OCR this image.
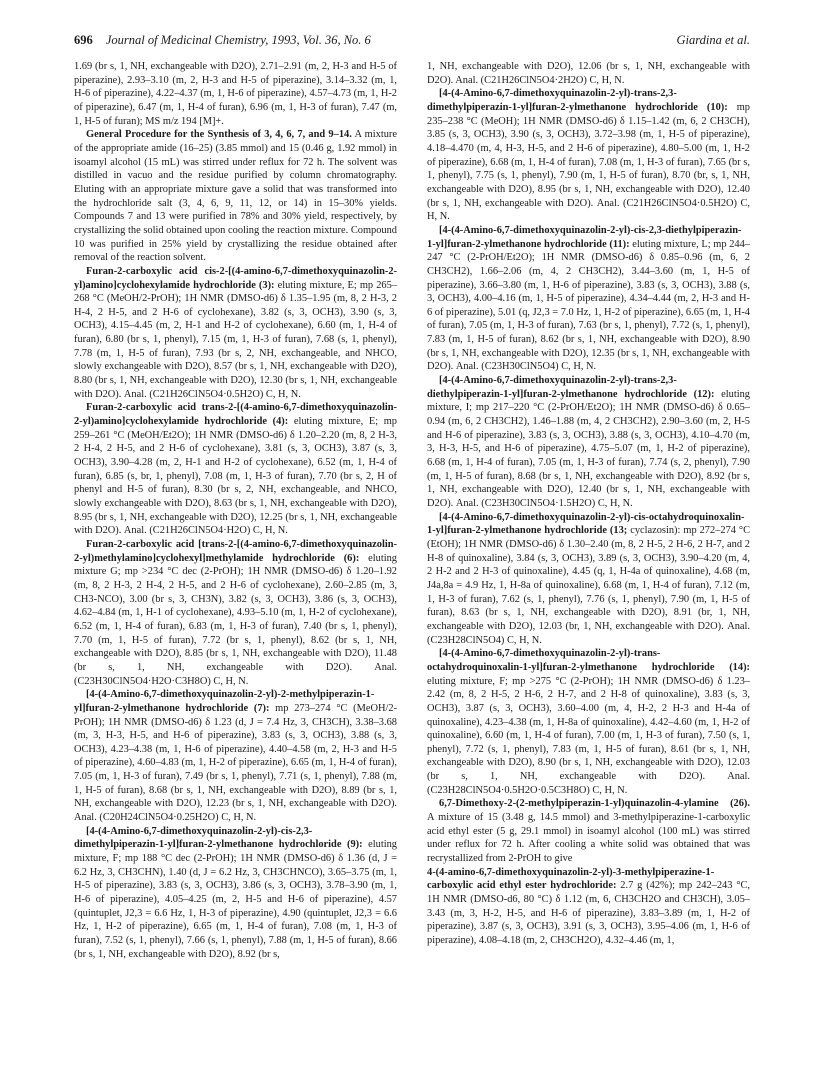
696 Journal of Medicinal Chemistry, 1993, Vol. 36, No. 6	Giardina et al.

1.69 (br s, 1, NH, exchangeable with D2O), 2.71–2.91 (m, 2, H-3 and H-5 of piperazine), 2.93–3.10 (m, 2, H-3 and H-5 of piperazine), 3.14–3.32 (m, 1, H-6 of piperazine), 4.22–4.37 (m, 1, H-6 of piperazine), 4.57–4.73 (m, 1, H-2 of piperazine), 6.47 (m, 1, H-4 of furan), 6.96 (m, 1, H-3 of furan), 7.47 (m, 1, H-5 of furan); MS m/z 194 [M]+.

General Procedure for the Synthesis of 3, 4, 6, 7, and 9–14. A mixture of the appropriate amide (16–25) (3.85 mmol) and 15 (0.46 g, 1.92 mmol) in isoamyl alcohol (15 mL) was stirred under reflux for 72 h. The solvent was distilled in vacuo and the residue purified by column chromatography. Eluting with an appropriate mixture gave a solid that was transformed into the hydrochloride salt (3, 4, 6, 9, 11, 12, or 14) in 15–30% yields. Compounds 7 and 13 were purified in 78% and 30% yield, respectively, by crystallizing the solid obtained upon cooling the reaction mixture. Compound 10 was purified in 25% yield by crystallizing the residue obtained after removal of the reaction solvent.

Furan-2-carboxylic acid cis-2-[(4-amino-6,7-dimethoxyquinazolin-2-yl)amino]cyclohexylamide hydrochloride (3): eluting mixture, E; mp 265–268 °C (MeOH/2-PrOH); 1H NMR (DMSO-d6) δ 1.35–1.95 (m, 8, 2 H-3, 2 H-4, 2 H-5, and 2 H-6 of cyclohexane), 3.82 (s, 3, OCH3), 3.90 (s, 3, OCH3), 4.15–4.45 (m, 2, H-1 and H-2 of cyclohexane), 6.60 (m, 1, H-4 of furan), 6.80 (br s, 1, phenyl), 7.15 (m, 1, H-3 of furan), 7.68 (s, 1, phenyl), 7.78 (m, 1, H-5 of furan), 7.93 (br s, 2, NH, exchangeable, and NHCO, slowly exchangeable with D2O), 8.57 (br s, 1, NH, exchangeable with D2O), 8.80 (br s, 1, NH, exchangeable with D2O), 12.30 (br s, 1, NH, exchangeable with D2O). Anal. (C21H26ClN5O4·0.5H2O) C, H, N.

Furan-2-carboxylic acid trans-2-[(4-amino-6,7-dimethoxyquinazolin-2-yl)amino]cyclohexylamide hydrochloride (4): eluting mixture, E; mp 259–261 °C (MeOH/Et2O); 1H NMR (DMSO-d6) δ 1.20–2.20 (m, 8, 2 H-3, 2 H-4, 2 H-5, and 2 H-6 of cyclohexane), 3.81 (s, 3, OCH3), 3.87 (s, 3, OCH3), 3.90–4.28 (m, 2, H-1 and H-2 of cyclohexane), 6.52 (m, 1, H-4 of furan), 6.85 (s, br, 1, phenyl), 7.08 (m, 1, H-3 of furan), 7.70 (br s, 2, H of phenyl and H-5 of furan), 8.30 (br s, 2, NH, exchangeable, and NHCO, slowly exchangeable with D2O), 8.63 (br s, 1, NH, exchangeable with D2O), 8.95 (br s, 1, NH, exchangeable with D2O), 12.25 (br s, 1, NH, exchangeable with D2O). Anal. (C21H26ClN5O4·H2O) C, H, N.

Furan-2-carboxylic acid [trans-2-[(4-amino-6,7-dimethoxyquinazolin-2-yl)methylamino]cyclohexyl]methylamide hydrochloride (6): eluting mixture G; mp >234 °C dec (2-PrOH); 1H NMR (DMSO-d6) δ 1.20–1.92 (m, 8, 2 H-3, 2 H-4, 2 H-5, and 2 H-6 of cyclohexane), 2.60–2.85 (m, 3, CH3-NCO), 3.00 (br s, 3, CH3N), 3.82 (s, 3, OCH3), 3.86 (s, 3, OCH3), 4.62–4.84 (m, 1, H-1 of cyclohexane), 4.93–5.10 (m, 1, H-2 of cyclohexane), 6.52 (m, 1, H-4 of furan), 6.83 (m, 1, H-3 of furan), 7.40 (br s, 1, phenyl), 7.70 (m, 1, H-5 of furan), 7.72 (br s, 1, phenyl), 8.62 (br s, 1, NH, exchangeable with D2O), 8.85 (br s, 1, NH, exchangeable with D2O), 11.48 (br s, 1, NH, exchangeable with D2O). Anal. (C23H30ClN5O4·H2O·C3H8O) C, H, N.

[4-(4-Amino-6,7-dimethoxyquinazolin-2-yl)-2-methylpiperazin-1-yl]furan-2-ylmethanone hydrochloride (7): mp 273–274 °C (MeOH/2-PrOH); 1H NMR (DMSO-d6) δ 1.23 (d, J = 7.4 Hz, 3, CH3CH), 3.38–3.68 (m, 3, H-3, H-5, and H-6 of piperazine), 3.83 (s, 3, OCH3), 3.88 (s, 3, OCH3), 4.23–4.38 (m, 1, H-6 of piperazine), 4.40–4.58 (m, 2, H-3 and H-5 of piperazine), 4.60–4.83 (m, 1, H-2 of piperazine), 6.65 (m, 1, H-4 of furan), 7.05 (m, 1, H-3 of furan), 7.49 (br s, 1, phenyl), 7.71 (s, 1, phenyl), 7.88 (m, 1, H-5 of furan), 8.68 (br s, 1, NH, exchangeable with D2O), 8.89 (br s, 1, NH, exchangeable with D2O), 12.23 (br s, 1, NH, exchangeable with D2O). Anal. (C20H24ClN5O4·0.25H2O) C, H, N.

[4-(4-Amino-6,7-dimethoxyquinazolin-2-yl)-cis-2,3-dimethylpiperazin-1-yl]furan-2-ylmethanone hydrochloride (9): eluting mixture, F; mp 188 °C dec (2-PrOH); 1H NMR (DMSO-d6) δ 1.36 (d, J = 6.2 Hz, 3, CH3CHN), 1.40 (d, J = 6.2 Hz, 3, CH3CHNCO), 3.65–3.75 (m, 1, H-5 of piperazine), 3.83 (s, 3, OCH3), 3.86 (s, 3, OCH3), 3.78–3.90 (m, 1, H-6 of piperazine), 4.05–4.25 (m, 2, H-5 and H-6 of piperazine), 4.57 (quintuplet, J2,3 = 6.6 Hz, 1, H-3 of piperazine), 4.90 (quintuplet, J2,3 = 6.6 Hz, 1, H-2 of piperazine), 6.65 (m, 1, H-4 of furan), 7.08 (m, 1, H-3 of furan), 7.52 (s, 1, phenyl), 7.66 (s, 1, phenyl), 7.88 (m, 1, H-5 of furan), 8.66 (br s, 1, NH, exchangeable with D2O), 8.92 (br s,

1, NH, exchangeable with D2O), 12.06 (br s, 1, NH, exchangeable with D2O). Anal. (C21H26ClN5O4·2H2O) C, H, N.

[4-(4-Amino-6,7-dimethoxyquinazolin-2-yl)-trans-2,3-dimethylpiperazin-1-yl]furan-2-ylmethanone hydrochloride (10): mp 235–238 °C (MeOH); 1H NMR (DMSO-d6) δ 1.15–1.42 (m, 6, 2 CH3CH), 3.85 (s, 3, OCH3), 3.90 (s, 3, OCH3), 3.72–3.98 (m, 1, H-5 of piperazine), 4.18–4.470 (m, 4, H-3, H-5, and 2 H-6 of piperazine), 4.80–5.00 (m, 1, H-2 of piperazine), 6.68 (m, 1, H-4 of furan), 7.08 (m, 1, H-3 of furan), 7.65 (br s, 1, phenyl), 7.75 (s, 1, phenyl), 7.90 (m, 1, H-5 of furan), 8.70 (br, s, 1, NH, exchangeable with D2O), 8.95 (br s, 1, NH, exchangeable with D2O), 12.40 (br s, 1, NH, exchangeable with D2O). Anal. (C21H26ClN5O4·0.5H2O) C, H, N.

[4-(4-Amino-6,7-dimethoxyquinazolin-2-yl)-cis-2,3-diethylpiperazin-1-yl]furan-2-ylmethanone hydrochloride (11): eluting mixture, L; mp 244–247 °C (2-PrOH/Et2O); 1H NMR (DMSO-d6) δ 0.85–0.96 (m, 6, 2 CH3CH2), 1.66–2.06 (m, 4, 2 CH3CH2), 3.44–3.60 (m, 1, H-5 of piperazine), 3.66–3.80 (m, 1, H-6 of piperazine), 3.83 (s, 3, OCH3), 3.88 (s, 3, OCH3), 4.00–4.16 (m, 1, H-5 of piperazine), 4.34–4.44 (m, 2, H-3 and H-6 of piperazine), 5.01 (q, J2,3 = 7.0 Hz, 1, H-2 of piperazine), 6.65 (m, 1, H-4 of furan), 7.05 (m, 1, H-3 of furan), 7.63 (br s, 1, phenyl), 7.72 (s, 1, phenyl), 7.83 (m, 1, H-5 of furan), 8.62 (br s, 1, NH, exchangeable with D2O), 8.90 (br s, 1, NH, exchangeable with D2O), 12.35 (br s, 1, NH, exchangeable with D2O). Anal. (C23H30ClN5O4) C, H, N.

[4-(4-Amino-6,7-dimethoxyquinazolin-2-yl)-trans-2,3-diethylpiperazin-1-yl]furan-2-ylmethanone hydrochloride (12): eluting mixture, I; mp 217–220 °C (2-PrOH/Et2O); 1H NMR (DMSO-d6) δ 0.65–0.94 (m, 6, 2 CH3CH2), 1.46–1.88 (m, 4, 2 CH3CH2), 2.90–3.60 (m, 2, H-5 and H-6 of piperazine), 3.83 (s, 3, OCH3), 3.88 (s, 3, OCH3), 4.10–4.70 (m, 3, H-3, H-5, and H-6 of piperazine), 4.75–5.07 (m, 1, H-2 of piperazine), 6.68 (m, 1, H-4 of furan), 7.05 (m, 1, H-3 of furan), 7.74 (s, 2, phenyl), 7.90 (m, 1, H-5 of furan), 8.68 (br s, 1, NH, exchangeable with D2O), 8.92 (br s, 1, NH, exchangeable with D2O), 12.40 (br s, 1, NH, exchangeable with D2O). Anal. (C23H30ClN5O4·1.5H2O) C, H, N.

[4-(4-Amino-6,7-dimethoxyquinazolin-2-yl)-cis-octahydroquinoxalin-1-yl]furan-2-ylmethanone hydrochloride (13; cyclazosin): mp 272–274 °C (EtOH); 1H NMR (DMSO-d6) δ 1.30–2.40 (m, 8, 2 H-5, 2 H-6, 2 H-7, and 2 H-8 of quinoxaline), 3.84 (s, 3, OCH3), 3.89 (s, 3, OCH3), 3.90–4.20 (m, 4, 2 H-2 and 2 H-3 of quinoxaline), 4.45 (q, 1, H-4a of quinoxaline), 4.68 (m, J4a,8a = 4.9 Hz, 1, H-8a of quinoxaline), 6.68 (m, 1, H-4 of furan), 7.12 (m, 1, H-3 of furan), 7.62 (s, 1, phenyl), 7.76 (s, 1, phenyl), 7.90 (m, 1, H-5 of furan), 8.63 (br s, 1, NH, exchangeable with D2O), 8.91 (br, 1, NH, exchangeable with D2O), 12.03 (br, 1, NH, exchangeable with D2O). Anal. (C23H28ClN5O4) C, H, N.

[4-(4-Amino-6,7-dimethoxyquinazolin-2-yl)-trans-octahydroquinoxalin-1-yl]furan-2-ylmethanone hydrochloride (14): eluting mixture, F; mp >275 °C (2-PrOH); 1H NMR (DMSO-d6) δ 1.23–2.42 (m, 8, 2 H-5, 2 H-6, 2 H-7, and 2 H-8 of quinoxaline), 3.83 (s, 3, OCH3), 3.87 (s, 3, OCH3), 3.60–4.00 (m, 4, H-2, 2 H-3 and H-4a of quinoxaline), 4.23–4.38 (m, 1, H-8a of quinoxaline), 4.42–4.60 (m, 1, H-2 of quinoxaline), 6.60 (m, 1, H-4 of furan), 7.00 (m, 1, H-3 of furan), 7.50 (s, 1, phenyl), 7.72 (s, 1, phenyl), 7.83 (m, 1, H-5 of furan), 8.61 (br s, 1, NH, exchangeable with D2O), 8.90 (br s, 1, NH, exchangeable with D2O), 12.03 (br s, 1, NH, exchangeable with D2O). Anal. (C23H28ClN5O4·0.5H2O·0.5C3H8O) C, H, N.

6,7-Dimethoxy-2-(2-methylpiperazin-1-yl)quinazolin-4-ylamine (26). A mixture of 15 (3.48 g, 14.5 mmol) and 3-methylpiperazine-1-carboxylic acid ethyl ester (5 g, 29.1 mmol) in isoamyl alcohol (100 mL) was stirred under reflux for 72 h. After cooling a white solid was obtained that was recrystallized from 2-PrOH to give

4-(4-amino-6,7-dimethoxyquinazolin-2-yl)-3-methylpiperazine-1-carboxylic acid ethyl ester hydrochloride: 2.7 g (42%); mp 242–243 °C, 1H NMR (DMSO-d6, 80 °C) δ 1.12 (m, 6, CH3CH2O and CH3CH), 3.05–3.43 (m, 3, H-2, H-5, and H-6 of piperazine), 3.83–3.89 (m, 1, H-2 of piperazine), 3.87 (s, 3, OCH3), 3.91 (s, 3, OCH3), 3.95–4.06 (m, 1, H-6 of piperazine), 4.08–4.18 (m, 2, CH3CH2O), 4.32–4.46 (m, 1,
